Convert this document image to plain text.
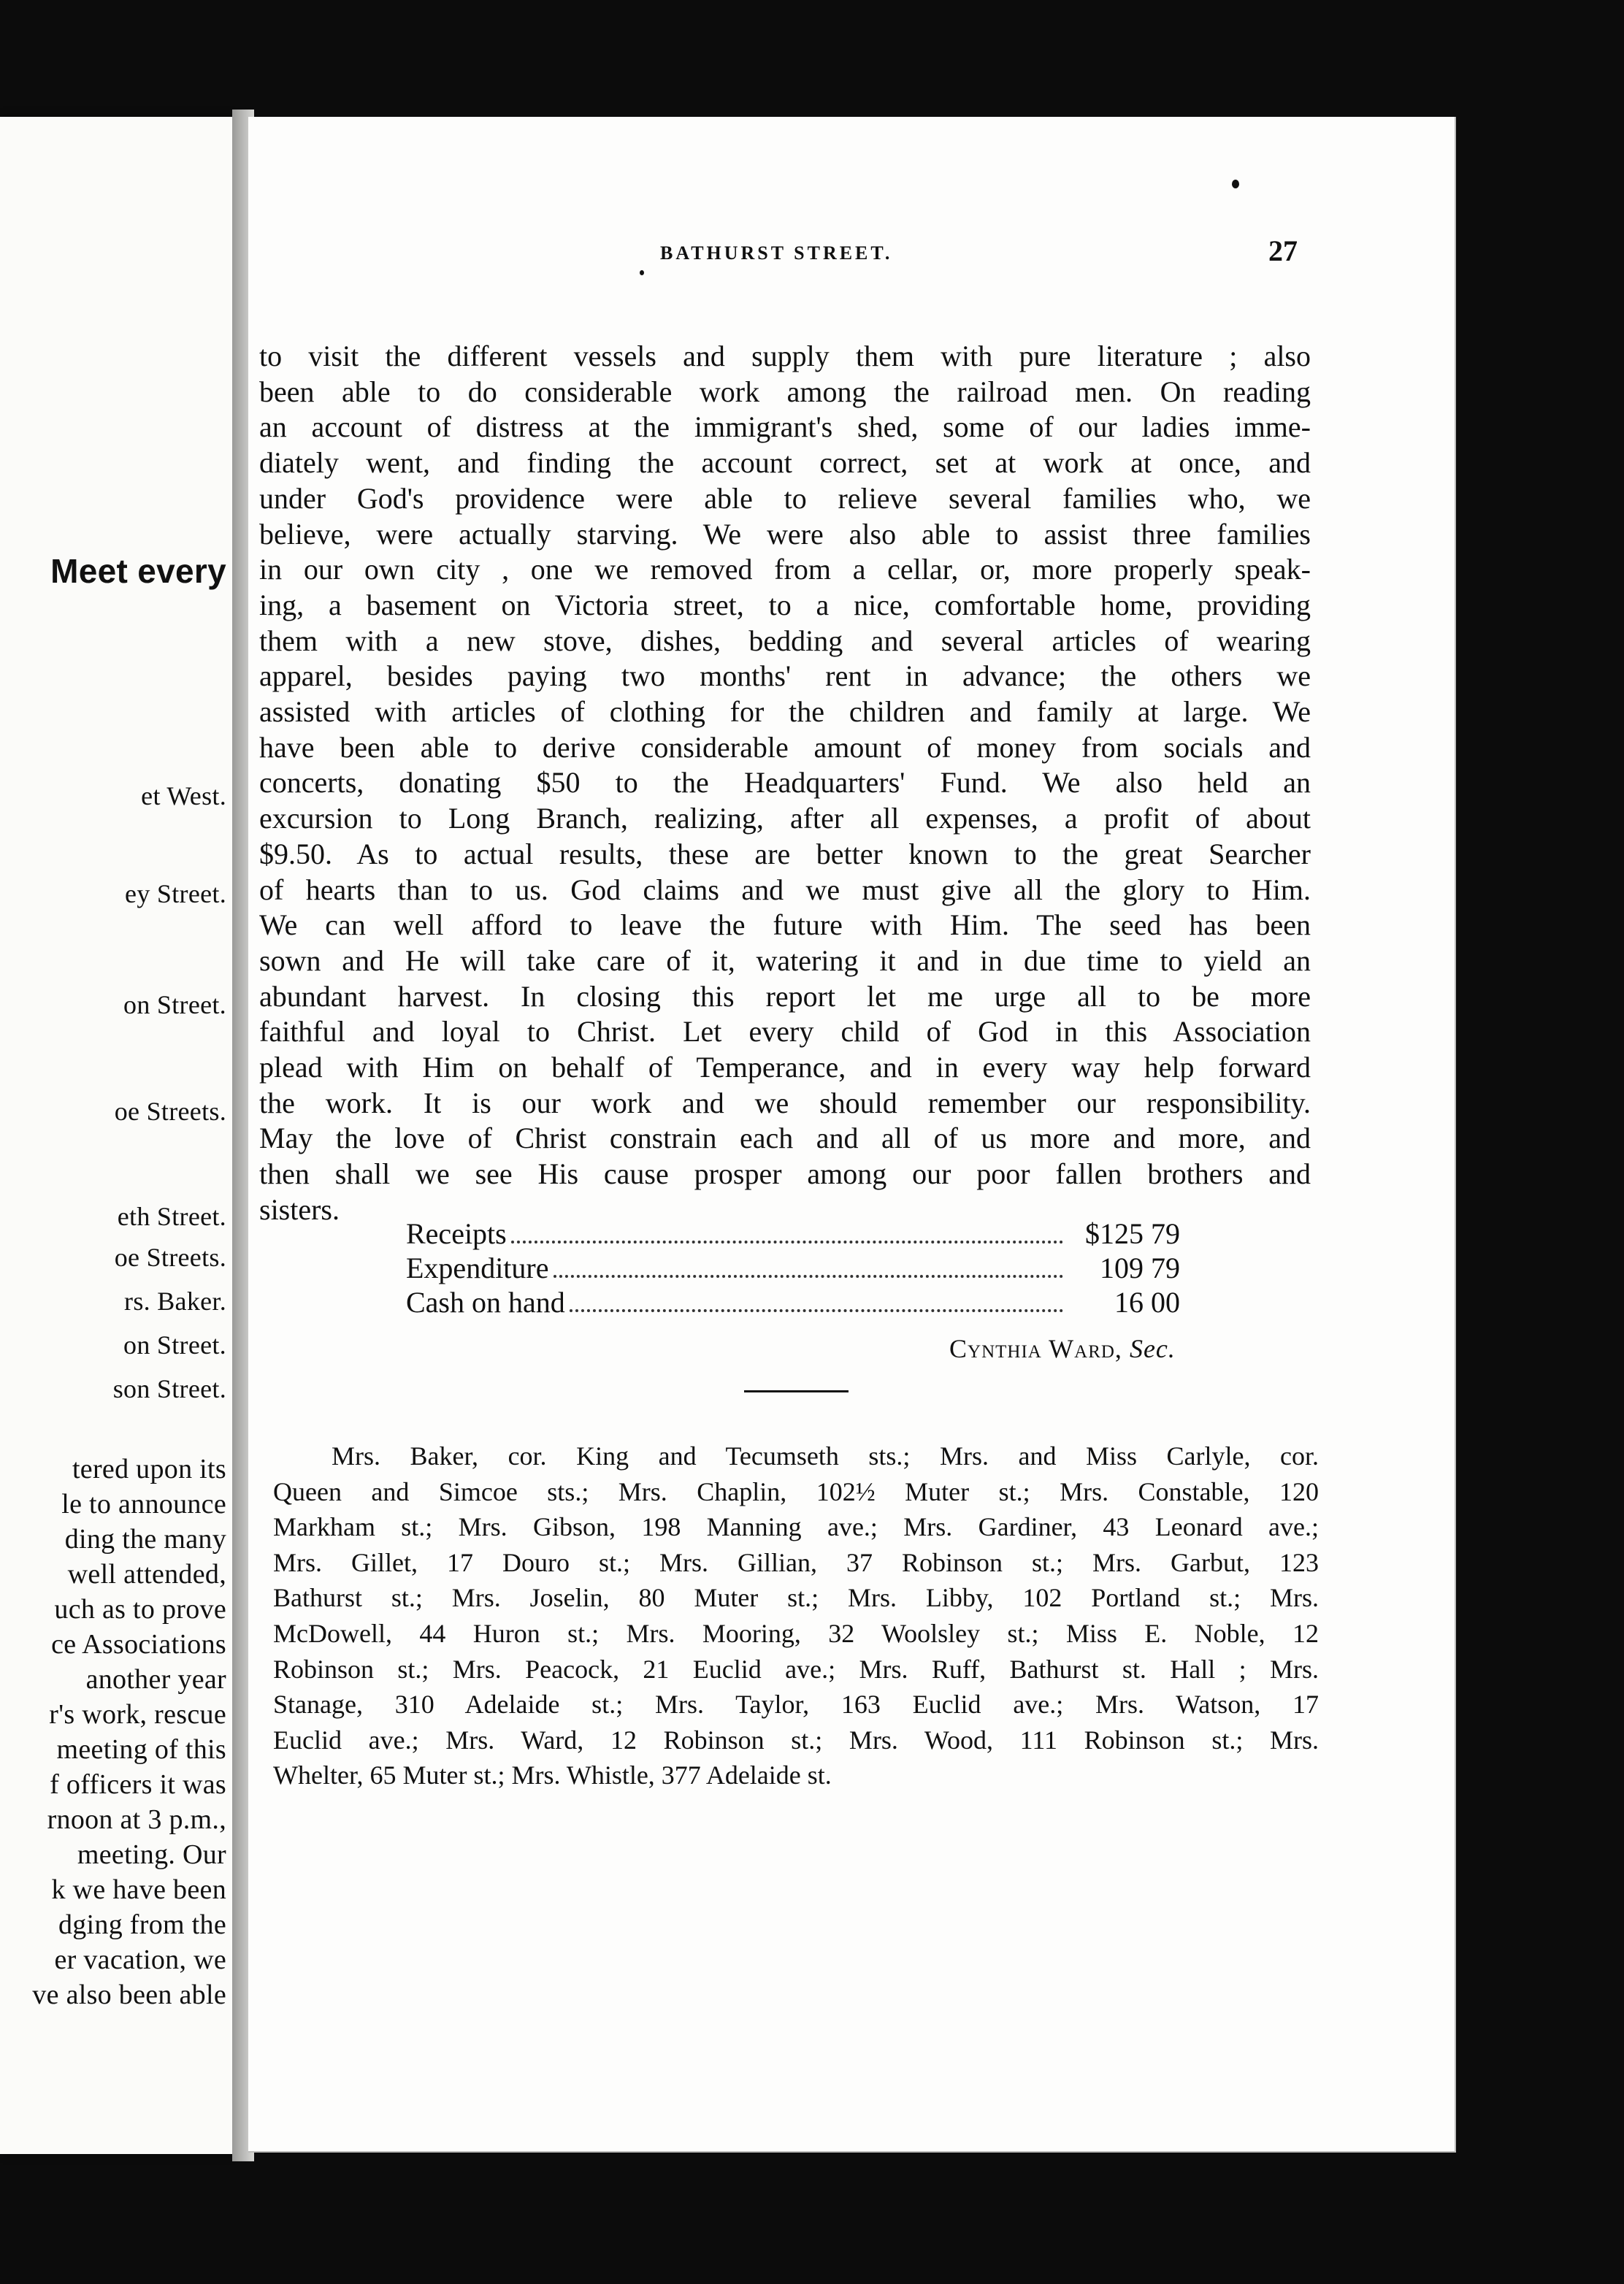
Meet every
et West.
ey Street.
on Street.
oe Streets.
eth Street.
oe Streets.
rs. Baker.
on Street.
son Street.
tered upon its
le to announce
ding the many
well attended,
uch as to prove
ce Associations
another year
r's work, rescue
meeting of this
f officers it was
rnoon at 3 p.m.,
meeting. Our
k we have been
dging from the
er vacation, we
ve also been able
BATHURST STREET.	27
to visit the different vessels and supply them with pure literature ; also
been able to do considerable work among the railroad men. On reading
an account of distress at the immigrant's shed, some of our ladies imme-
diately went, and finding the account correct, set at work at once, and
under God's providence were able to relieve several families who, we
believe, were actually starving. We were also able to assist three families
in our own city , one we removed from a cellar, or, more properly speak-
ing, a basement on Victoria street, to a nice, comfortable home, providing
them with a new stove, dishes, bedding and several articles of wearing
apparel, besides paying two months' rent in advance; the others we
assisted with articles of clothing for the children and family at large. We
have been able to derive considerable amount of money from socials and
concerts, donating $50 to the Headquarters' Fund. We also held an
excursion to Long Branch, realizing, after all expenses, a profit of about
$9.50. As to actual results, these are better known to the great Searcher
of hearts than to us. God claims and we must give all the glory to Him.
We can well afford to leave the future with Him. The seed has been
sown and He will take care of it, watering it and in due time to yield an
abundant harvest. In closing this report let me urge all to be more
faithful and loyal to Christ. Let every child of God in this Association
plead with Him on behalf of Temperance, and in every way help forward
the work. It is our work and we should remember our responsibility.
May the love of Christ constrain each and all of us more and more, and
then shall we see His cause prosper among our poor fallen brothers and
sisters.
Receipts	$125 79
Expenditure	109 79
Cash on hand	16 00
Cynthia Ward, Sec.
Mrs. Baker, cor. King and Tecumseth sts.; Mrs. and Miss Carlyle, cor.
Queen and Simcoe sts.; Mrs. Chaplin, 102½ Muter st.; Mrs. Constable, 120
Markham st.; Mrs. Gibson, 198 Manning ave.; Mrs. Gardiner, 43 Leonard ave.;
Mrs. Gillet, 17 Douro st.; Mrs. Gillian, 37 Robinson st.; Mrs. Garbut, 123
Bathurst st.; Mrs. Joselin, 80 Muter st.; Mrs. Libby, 102 Portland st.; Mrs.
McDowell, 44 Huron st.; Mrs. Mooring, 32 Woolsley st.; Miss E. Noble, 12
Robinson st.; Mrs. Peacock, 21 Euclid ave.; Mrs. Ruff, Bathurst st. Hall ; Mrs.
Stanage, 310 Adelaide st.; Mrs. Taylor, 163 Euclid ave.; Mrs. Watson, 17
Euclid ave.; Mrs. Ward, 12 Robinson st.; Mrs. Wood, 111 Robinson st.; Mrs.
Whelter, 65 Muter st.; Mrs. Whistle, 377 Adelaide st.
